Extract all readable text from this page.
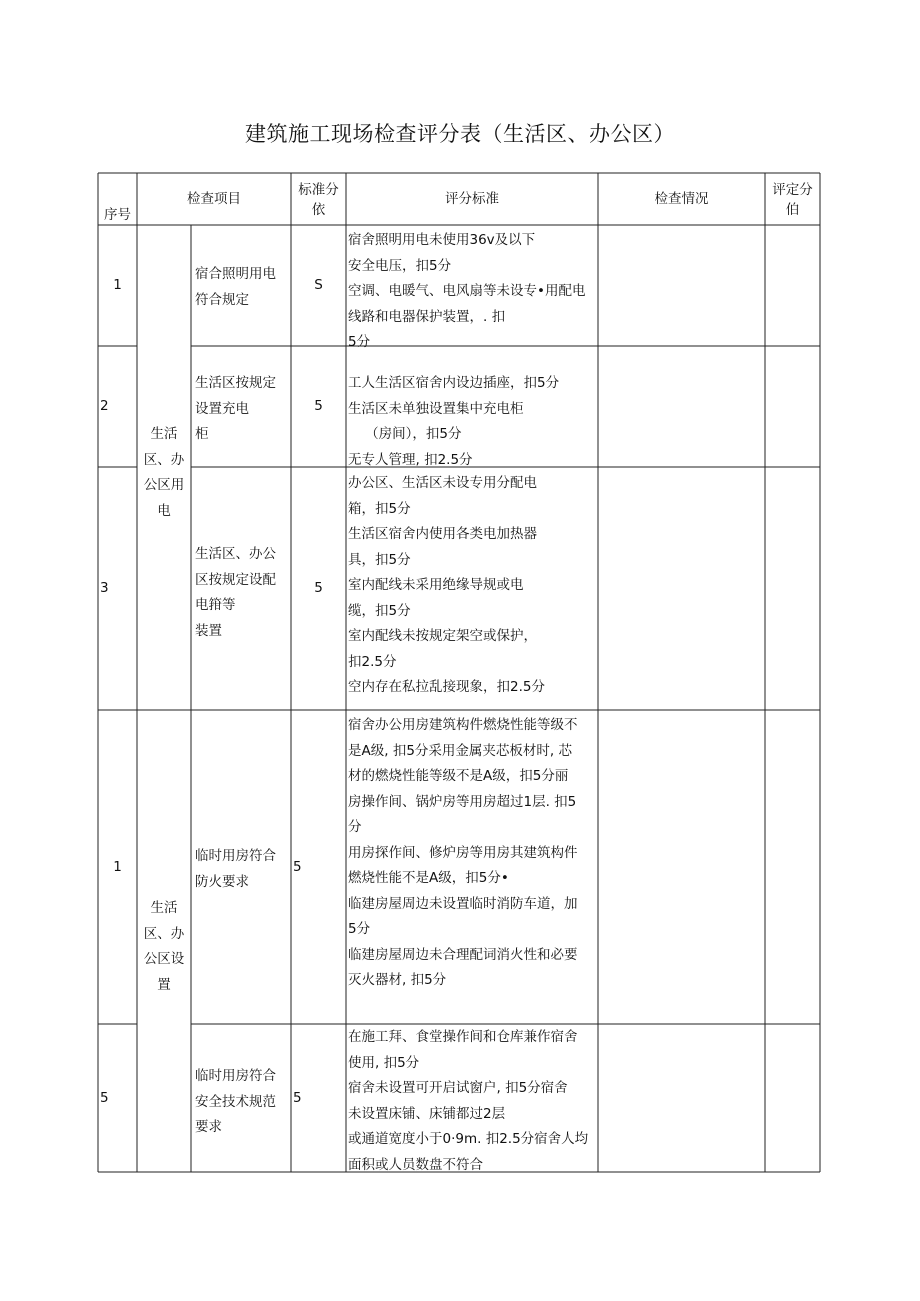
建筑施工现场检查评分表（生活区、办公区）
序号
检查项目
标准分
依
评分标准	检查情况
评定分
伯
生活
区、办
公区用
电
生活
区、办
公区设
置
1
宿合照明用电
符合规定
S
宿舍照明用电未使用36v及以下
安全电压，扣5分
空调、电暖气、电风扇等未设专•用配电
线路和电器保护装置，. 扣
5分
2
生活区按规定
设置充电
柜
5
工人生活区宿舍内设边插座，扣5分
生活区未单独设置集中充电柜
（房间），扣5分
无专人管理, 扣2.5分
3
生活区、办公
区按规定设配
电箝等
装置
5
办公区、生活区未设专用分配电
箱，扣5分
生活区宿舍内使用各类电加热器
具，扣5分
室内配线未采用绝缘导规或电
缆，扣5分
室内配线未按规定架空或保护，
扣2.5分
空内存在私拉乱接现象，扣2.5分
1
临时用房符合
防火要求
5
宿舍办公用房建筑构件燃烧性能等级不
是A级, 扣5分采用金属夹芯板材时, 芯
材的燃烧性能等级不是A级，扣5分丽
房操作间、锅炉房等用房超过1层. 扣5
分
用房探作间、修炉房等用房其建筑构件
燃烧性能不是A级，扣5分•
临建房屋周边未设置临时消防车道，加
5分
临建房屋周边未合理配词消火性和必要
灭火器材, 扣5分
5
临时用房符合
安全技术规范
要求
5
在施工拜、食堂操作间和仓库兼作宿舍
使用, 扣5分
宿舍未设置可开启试窗户, 扣5分宿舍
未设置床铺、床铺都过2层
或通道宽度小于0·9m. 扣2.5分宿舍人均
面积或人员数盘不符合
